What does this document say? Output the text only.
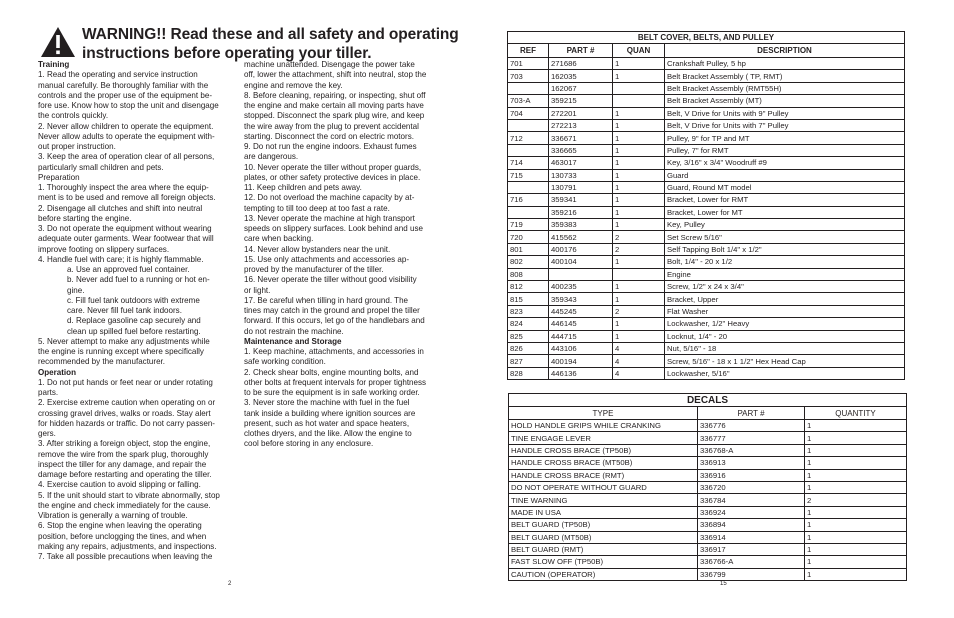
WARNING!! Read these and all safety and operating
instructions before operating your tiller.

Training

1. Read the operating and service instruction

manual carefully. Be thoroughly familiar with the

controls and the proper use of the equipment be-

fore use. Know how to stop the unit and disengage

the controls quickly.

2. Never allow children to operate the equipment.

Never allow adults to operate the equipment with-

out proper instruction.

3. Keep the area of operation clear of all persons,

particularly small children and pets.

Preparation

1. Thoroughly inspect the area where the equip-

ment is to be used and remove all foreign objects.

2. Disengage all clutches and shift into neutral

before starting the engine.

3. Do not operate the equipment without wearing

adequate outer garments. Wear footwear that will

improve footing on slippery surfaces.

4. Handle fuel with care; it is highly flammable.

a. Use an approved fuel container.

b. Never add fuel to a running or hot en-

gine.

c. Fill fuel tank outdoors with extreme

care. Never fill fuel tank indoors.

d. Replace gasoline cap securely and

clean up spilled fuel before restarting.

5. Never attempt to make any adjustments while

the engine is running except where specifically

recommended by the manufacturer.

Operation

1. Do not put hands or feet near or under rotating

parts.

2. Exercise extreme caution when operating on or

crossing gravel drives, walks or roads. Stay alert

for hidden hazards or traffic. Do not carry passen-

gers.

3. After striking a foreign object, stop the engine,

remove the wire from the spark plug, thoroughly

inspect the tiller for any damage, and repair the

damage before restarting and operating the tiller.

4. Exercise caution to avoid slipping or falling.

5. If the unit should start to vibrate abnormally, stop

the engine and check immediately for the cause.

Vibration is generally a warning of trouble.

6. Stop the engine when leaving the operating

position, before unclogging the tines, and when

making any repairs, adjustments, and inspections.

7. Take all possible precautions when leaving the

machine unattended. Disengage the power take

off, lower the attachment, shift into neutral, stop the

engine and remove the key.

8. Before cleaning, repairing, or inspecting, shut off

the engine and make certain all moving parts have

stopped. Disconnect the spark plug wire, and keep

the wire away from the plug to prevent accidental

starting. Disconnect the cord on electric motors.

9. Do not run the engine indoors. Exhaust fumes

are dangerous.

10. Never operate the tiller without proper guards,

plates, or other safety protective devices in place.

11. Keep children and pets away.

12. Do not overload the machine capacity by at-

tempting to till too deep at too fast a rate.

13. Never operate the machine at high transport

speeds on slippery surfaces. Look behind and use

care when backing.

14. Never allow bystanders near the unit.

15. Use only attachments and accessories ap-

proved by the manufacturer of the tiller.

16. Never operate the tiller without good visibility

or light.

17. Be careful when tilling in hard ground. The

tines may catch in the ground and propel the tiller

forward. If this occurs, let go of the handlebars and

do not restrain the machine.

Maintenance and Storage

1. Keep machine, attachments, and accessories in

safe working condition.

2. Check shear bolts, engine mounting bolts, and

other bolts at frequent intervals for proper tightness

to be sure the equipment is in safe working order.

3. Never store the machine with fuel in the fuel

tank inside a building where ignition sources are

present, such as hot water and space heaters,

clothes dryers, and the like. Allow the engine to

cool before storing in any enclosure.

2
BELT COVER, BELTS, AND PULLEY			
REF	PART #	QUAN	DESCRIPTION
701	271686	1	Crankshaft Pulley, 5 hp
703	162035	1	Belt Bracket Assembly ( TP, RMT)
	162067		Belt Bracket Assembly (RMT55H)
703-A	359215		Belt Bracket Assembly (MT)
704	272201	1	Belt, V Drive for Units with 9" Pulley
	272213	1	Belt, V Drive for Units with 7" Pulley
712	336671	1	Pulley, 9" for TP and MT
	336665	1	Pulley, 7" for RMT
714	463017	1	Key, 3/16" x 3/4" Woodruff #9
715	130733	1	Guard
	130791	1	Guard, Round MT model
716	359341	1	Bracket, Lower for RMT
	359216	1	Bracket, Lower for MT
719	359383	1	Key, Pulley
720	415562	2	Set Screw 5/16"
801	400176	2	Self Tapping Bolt 1/4" x 1/2"
802	400104	1	Bolt, 1/4" - 20 x 1/2
808			Engine
812	400235	1	Screw, 1/2" x 24 x 3/4"
815	359343	1	Bracket, Upper
823	445245	2	Flat Washer
824	446145	1	Lockwasher, 1/2" Heavy
825	444715	1	Locknut, 1/4" - 20
826	443106	4	Nut, 5/16" - 18
827	400194	4	Screw, 5/16" - 18 x 1 1/2" Hex Head Cap
828	446136	4	Lockwasher, 5/16"
DECALS		
TYPE	PART #	QUANTITY
HOLD HANDLE GRIPS WHILE CRANKING	336776	1
TINE ENGAGE LEVER	336777	1
HANDLE CROSS BRACE (TP50B)	336768-A	1
HANDLE CROSS BRACE (MT50B)	336913	1
HANDLE CROSS BRACE (RMT)	336916	1
DO NOT OPERATE WITHOUT GUARD	336720	1
TINE WARNING	336784	2
MADE IN USA	336924	1
BELT GUARD (TP50B)	336894	1
BELT GUARD (MT50B)	336914	1
BELT GUARD (RMT)	336917	1
FAST SLOW OFF (TP50B)	336766-A	1
CAUTION (OPERATOR)	336799	1
15
